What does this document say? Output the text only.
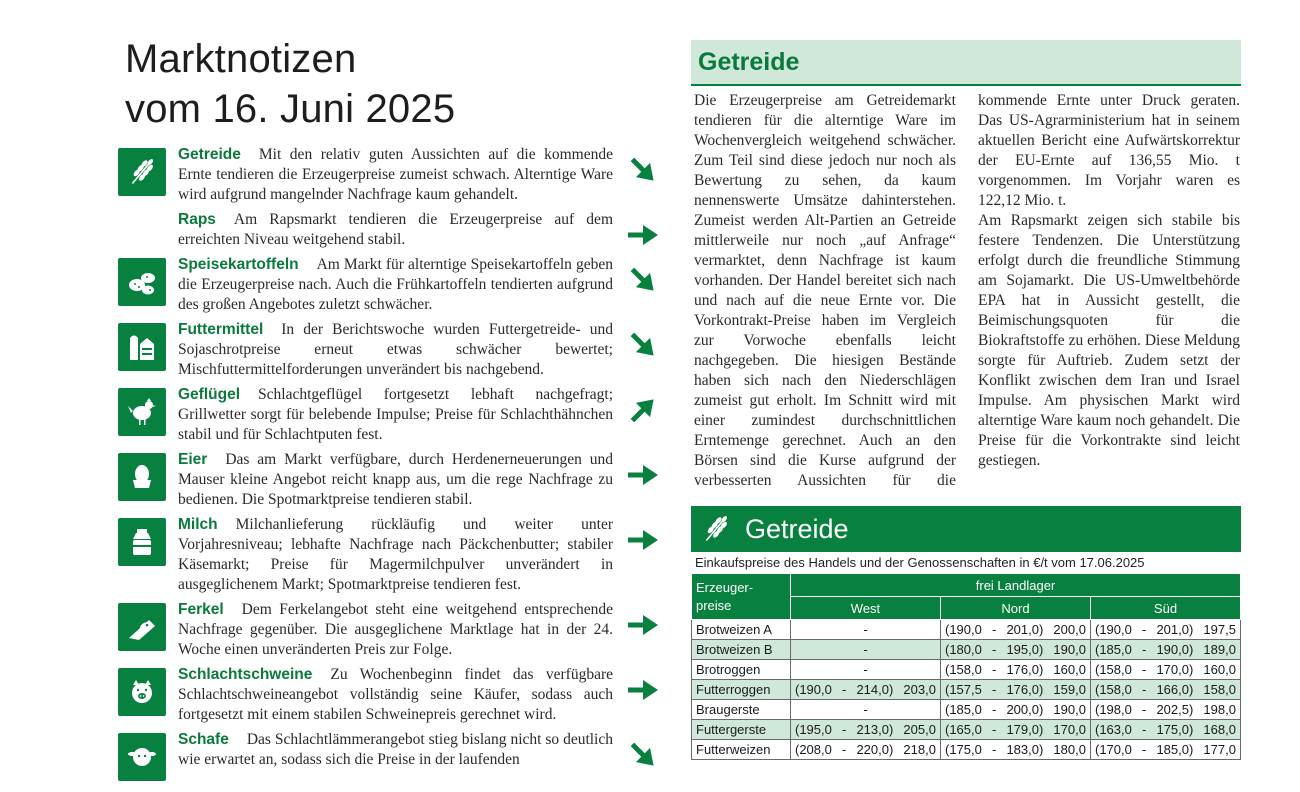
Marktnotizen
vom 16. Juni 2025
Getreide Mit den relativ guten Aussichten auf die kommende Ernte tendieren die Erzeugerpreise zumeist schwach. Alterntige Ware wird aufgrund mangelnder Nachfrage kaum gehandelt.
Raps Am Rapsmarkt tendieren die Erzeugerpreise auf dem erreichten Niveau weitgehend stabil.
Speisekartoffeln Am Markt für alterntige Speisekartoffeln geben die Erzeugerpreise nach. Auch die Frühkartoffeln tendierten aufgrund des großen Angebotes zuletzt schwächer.
Futtermittel In der Berichtswoche wurden Futtergetreide- und Sojaschrotpreise erneut etwas schwächer bewertet; Mischfuttermittelforderungen unverändert bis nachgebend.
Geflügel Schlachtgeflügel fortgesetzt lebhaft nachgefragt; Grillwetter sorgt für belebende Impulse; Preise für Schlachthähnchen stabil und für Schlachtputen fest.
Eier Das am Markt verfügbare, durch Herdenerneuerungen und Mauser kleine Angebot reicht knapp aus, um die rege Nachfrage zu bedienen. Die Spotmarktpreise tendieren stabil.
Milch Milchanlieferung rückläufig und weiter unter Vorjahresniveau; lebhafte Nachfrage nach Päckchenbutter; stabiler Käsemarkt; Preise für Magermilchpulver unverändert in ausgeglichenem Markt; Spotmarktpreise tendieren fest.
Ferkel Dem Ferkelangebot steht eine weitgehend entsprechende Nachfrage gegenüber. Die ausgeglichene Marktlage hat in der 24. Woche einen unveränderten Preis zur Folge.
Schlachtschweine Zu Wochenbeginn findet das verfügbare Schlachtschweineangebot vollständig seine Käufer, sodass auch fortgesetzt mit einem stabilen Schweinepreis gerechnet wird.
Schafe Das Schlachtlämmerangebot stieg bislang nicht so deutlich wie erwartet an, sodass sich die Preise in der laufenden
Getreide

Die Erzeugerpreise am Getreidemarkt tendieren für die alterntige Ware im Wochenvergleich weitgehend schwächer. Zum Teil sind diese jedoch nur noch als Bewertung zu sehen, da kaum nennenswerte Umsätze dahinterstehen. Zumeist werden Alt-Partien an Getreide mittlerweile nur noch „auf Anfrage“ vermarktet, denn Nachfrage ist kaum vorhanden. Der Handel bereitet sich nach und nach auf die neue Ernte vor. Die Vorkontrakt-Preise haben im Vergleich zur Vorwoche ebenfalls leicht nachgegeben. Die hiesigen Bestände haben sich nach den Niederschlägen zumeist gut erholt. Im Schnitt wird mit einer zumindest durchschnittlichen Erntemenge gerechnet. Auch an den Börsen sind die Kurse aufgrund der verbesserten Aussichten für die kommende Ernte unter Druck geraten. Das US-Agrarministerium hat in seinem aktuellen Bericht eine Aufwärtskorrektur der EU-Ernte auf 136,55 Mio. t vorgenommen. Im Vorjahr waren es 122,12 Mio. t.

Am Rapsmarkt zeigen sich stabile bis festere Tendenzen. Die Unterstützung erfolgt durch die freundliche Stimmung am Sojamarkt. Die US-Umweltbehörde EPA hat in Aussicht gestellt, die Beimischungsquoten für die Biokraftstoffe zu erhöhen. Diese Meldung sorgte für Auftrieb. Zudem setzt der Konflikt zwischen dem Iran und Israel Impulse. Am physischen Markt wird alterntige Ware kaum noch gehandelt. Die Preise für die Vorkontrakte sind leicht gestiegen.

Getreide
Einkaufspreise des Handels und der Genossenschaften in €/t vom 17.06.2025
Erzeuger-
preise	frei Landlager		
	West	Nord	Süd
Brotweizen A	-	(190,0 - 201,0) 200,0	(190,0 - 201,0) 197,5

Brotweizen B	-	(180,0 - 195,0) 190,0	(185,0 - 190,0) 189,0

Brotroggen	-	(158,0 - 176,0) 160,0	(158,0 - 170,0) 160,0

Futterroggen	(190,0 - 214,0) 203,0	(157,5 - 176,0) 159,0	(158,0 - 166,0) 158,0

Braugerste	-	(185,0 - 200,0) 190,0	(198,0 - 202,5) 198,0

Futtergerste	(195,0 - 213,0) 205,0	(165,0 - 179,0) 170,0	(163,0 - 175,0) 168,0

Futterweizen	(208,0 - 220,0) 218,0	(175,0 - 183,0) 180,0	(170,0 - 185,0) 177,0
